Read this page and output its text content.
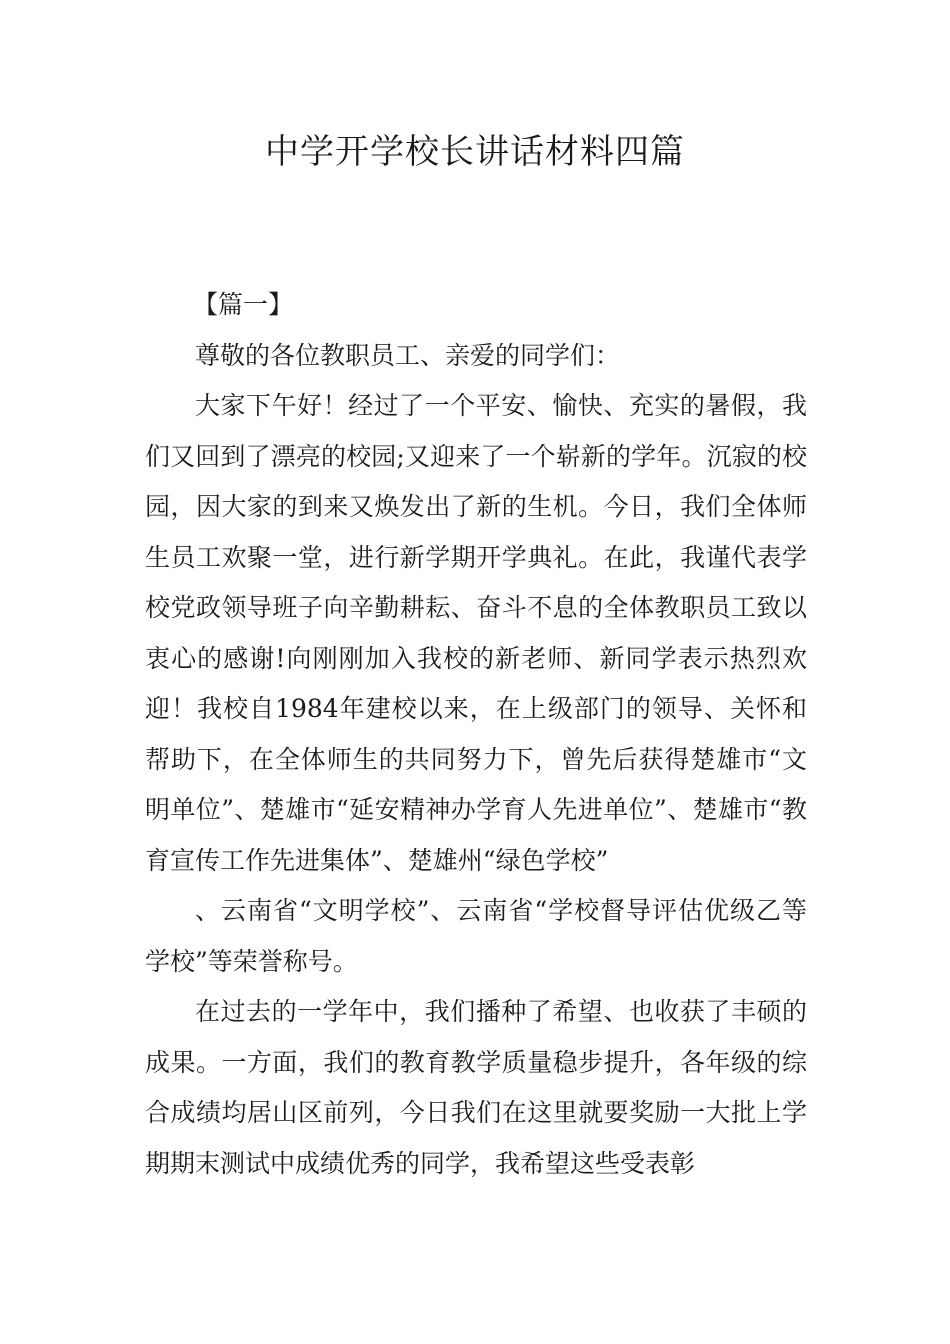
中学开学校长讲话材料四篇

【篇一】

尊敬的各位教职员工、亲爱的同学们：

大家下午好！经过了一个平安、愉快、充实的暑假，我们又回到了漂亮的校园;又迎来了一个崭新的学年。沉寂的校园，因大家的到来又焕发出了新的生机。今日，我们全体师生员工欢聚一堂，进行新学期开学典礼。在此，我谨代表学校党政领导班子向辛勤耕耘、奋斗不息的全体教职员工致以衷心的感谢!向刚刚加入我校的新老师、新同学表示热烈欢迎！我校自1984年建校以来，在上级部门的领导、关怀和帮助下，在全体师生的共同努力下，曾先后获得楚雄市“文明单位”、楚雄市“延安精神办学育人先进单位”、楚雄市“教育宣传工作先进集体”、楚雄州“绿色学校”

、云南省“文明学校”、云南省“学校督导评估优级乙等学校”等荣誉称号。

在过去的一学年中，我们播种了希望、也收获了丰硕的成果。一方面，我们的教育教学质量稳步提升，各年级的综合成绩均居山区前列，今日我们在这里就要奖励一大批上学期期末测试中成绩优秀的同学，我希望这些受表彰
